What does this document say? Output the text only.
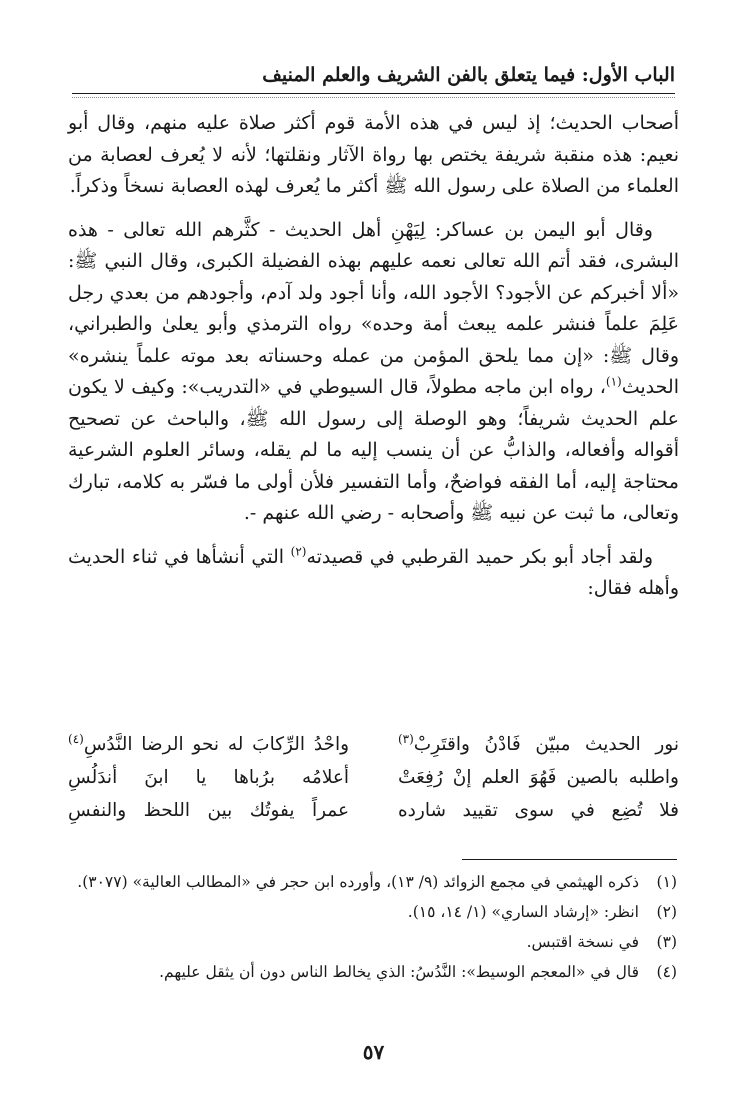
الباب الأول: فيما يتعلق بالفن الشريف والعلم المنيف

أصحاب الحديث؛ إذ ليس في هذه الأمة قوم أكثر صلاة عليه منهم، وقال أبو نعيم: هذه منقبة شريفة يختص بها رواة الآثار ونقلتها؛ لأنه لا يُعرف لعصابة من العلماء من الصلاة على رسول الله ﷺ أكثر ما يُعرف لهذه العصابة نسخاً وذكراً.

وقال أبو اليمن بن عساكر: لِيَهْنِ أهل الحديث - كثَّرهم الله تعالى - هذه البشرى، فقد أتم الله تعالى نعمه عليهم بهذه الفضيلة الكبرى، وقال النبي ﷺ: «ألا أخبركم عن الأجود؟ الأجود الله، وأنا أجود ولد آدم، وأجودهم من بعدي رجل عَلِمَ علماً فنشر علمه يبعث أمة وحده» رواه الترمذي وأبو يعلىٰ والطبراني، وقال ﷺ: «إن مما يلحق المؤمن من عمله وحسناته بعد موته علماً ينشره» الحديث$^{(١)}$، رواه ابن ماجه مطولاً، قال السيوطي في «التدريب»: وكيف لا يكون علم الحديث شريفاً؛ وهو الوصلة إلى رسول الله ﷺ، والباحث عن تصحيح أقواله وأفعاله، والذابُّ عن أن ينسب إليه ما لم يقله، وسائر العلوم الشرعية محتاجة إليه، أما الفقه فواضحٌ، وأما التفسير فلأن أولى ما فسّر به كلامه، تبارك وتعالى، ما ثبت عن نبيه ﷺ وأصحابه - رضي الله عنهم -.

ولقد أجاد أبو بكر حميد القرطبي في قصيدته$^{(٢)}$ التي أنشأها في ثناء الحديث وأهله فقال:

نور الحديث مبيّن فَادْنُ واقتَرِبْ$^{(٣)}$
واحْدُ الرِّكابَ له نحو الرضا النَّدُسِ$^{(٤)}$
واطلبه بالصين فَهُوَ العلم إنْ رُفِعَتْ
أعلامُه برُباها يا ابنَ أندَلُسِ
فلا تُضِع في سوى تقييد شارده
عمراً يفوتُك بين اللحظ والنفسِ
(١)
ذكره الهيثمي في مجمع الزوائد (٩/ ١٣)، وأورده ابن حجر في «المطالب العالية» (٣٠٧٧).
(٢)
انظر: «إرشاد الساري» (١/ ١٤، ١٥).
(٣)
في نسخة اقتبس.
(٤)
قال في «المعجم الوسيط»: النَّدُسُ: الذي يخالط الناس دون أن يثقل عليهم.
٥٧
